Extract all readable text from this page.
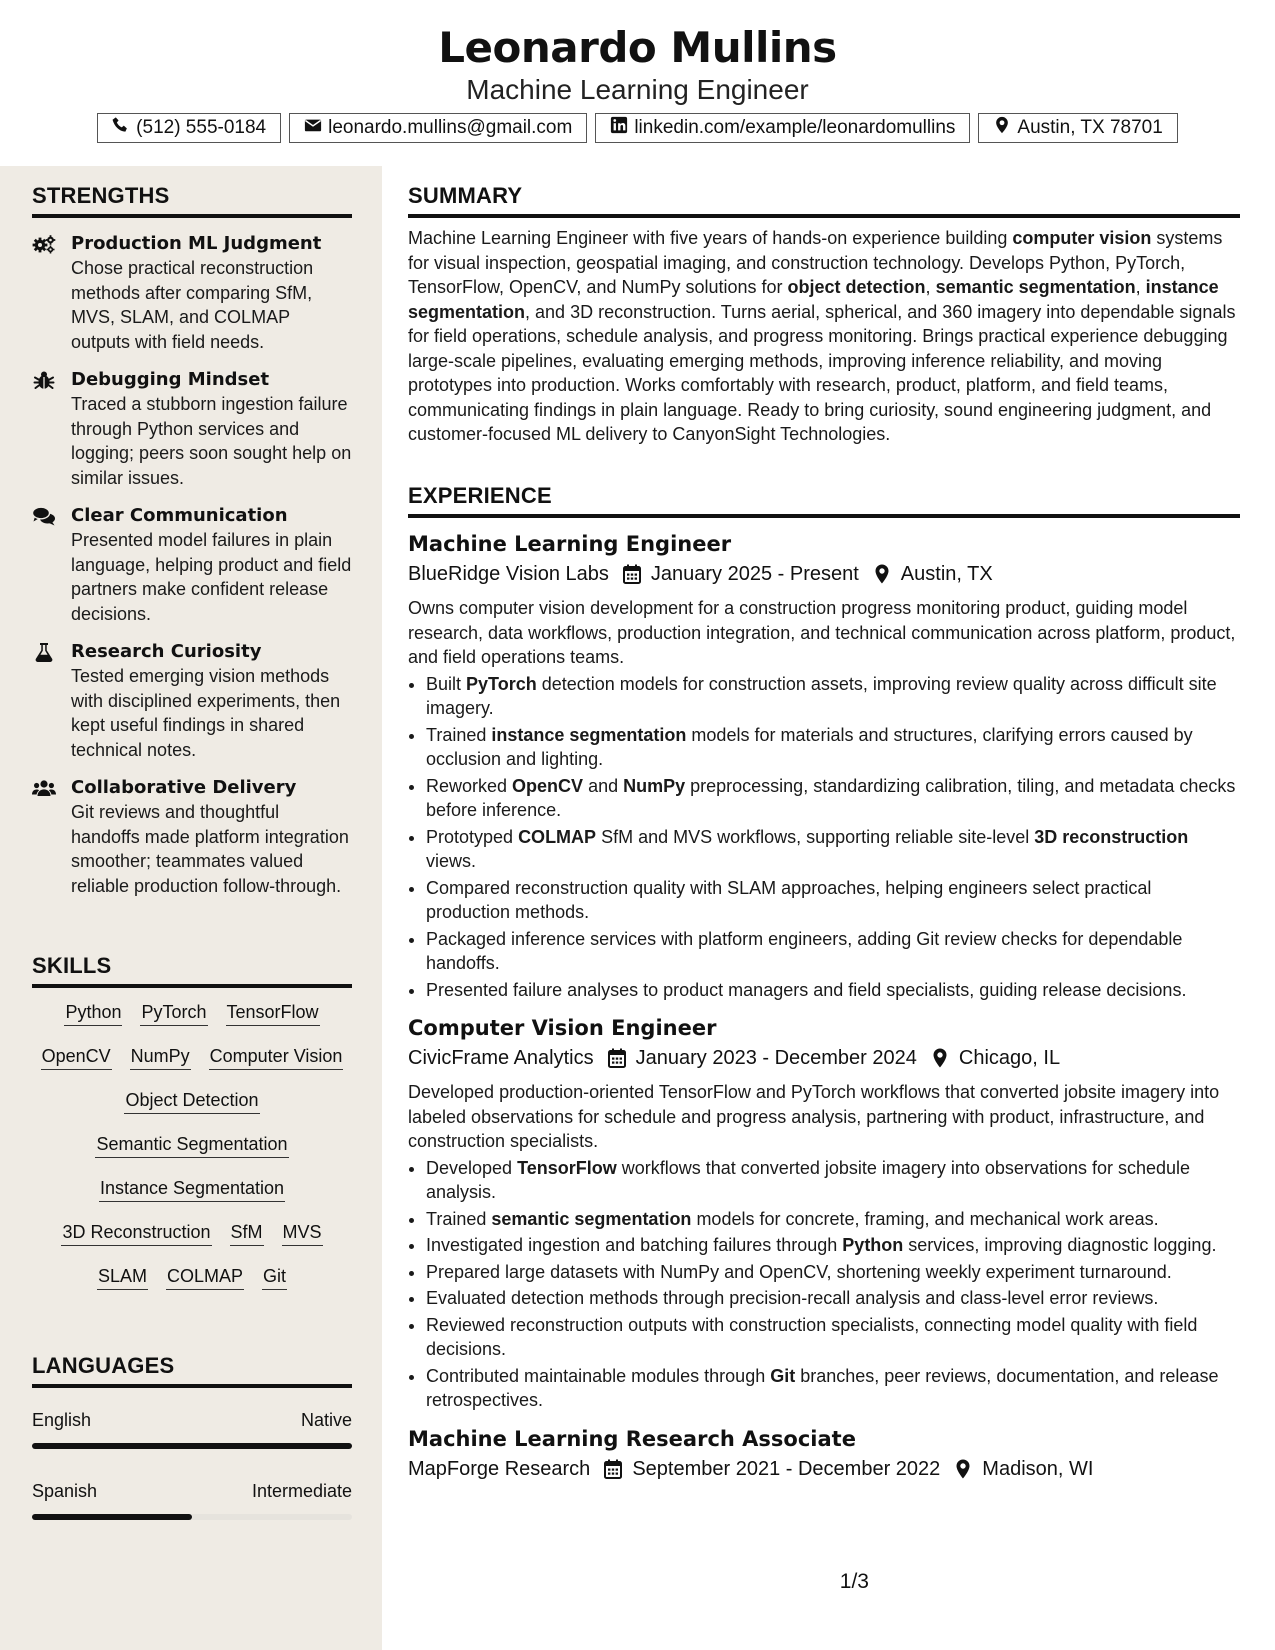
Leonardo Mullins
Machine Learning Engineer
(512) 555-0184	leonardo.mullins@gmail.com	linkedin.com/example/leonardomullins	Austin, TX 78701
STRENGTHS
Production ML Judgment
Chose practical reconstruction methods after comparing SfM, MVS, SLAM, and COLMAP outputs with field needs.
Debugging Mindset
Traced a stubborn ingestion failure through Python services and logging; peers soon sought help on similar issues.
Clear Communication
Presented model failures in plain language, helping product and field partners make confident release decisions.
Research Curiosity
Tested emerging vision methods with disciplined experiments, then kept useful findings in shared technical notes.
Collaborative Delivery
Git reviews and thoughtful handoffs made platform integration smoother; teammates valued reliable production follow-through.
SKILLS
Python PyTorch TensorFlow
OpenCV NumPy Computer Vision
Object Detection
Semantic Segmentation
Instance Segmentation
3D Reconstruction SfM MVS
SLAM COLMAP Git
LANGUAGES
English	Native
Spanish	Intermediate
SUMMARY
Machine Learning Engineer with five years of hands-on experience building computer vision systems for visual inspection, geospatial imaging, and construction technology. Develops Python, PyTorch, TensorFlow, OpenCV, and NumPy solutions for object detection, semantic segmentation, instance segmentation, and 3D reconstruction. Turns aerial, spherical, and 360 imagery into dependable signals for field operations, schedule analysis, and progress monitoring. Brings practical experience debugging large-scale pipelines, evaluating emerging methods, improving inference reliability, and moving prototypes into production. Works comfortably with research, product, platform, and field teams, communicating findings in plain language. Ready to bring curiosity, sound engineering judgment, and customer-focused ML delivery to CanyonSight Technologies.
EXPERIENCE
Machine Learning Engineer
BlueRidge Vision Labs January 2025 - Present Austin, TX
Owns computer vision development for a construction progress monitoring product, guiding model research, data workflows, production integration, and technical communication across platform, product, and field operations teams.
• Built PyTorch detection models for construction assets, improving review quality across difficult site imagery.
• Trained instance segmentation models for materials and structures, clarifying errors caused by occlusion and lighting.
• Reworked OpenCV and NumPy preprocessing, standardizing calibration, tiling, and metadata checks before inference.
• Prototyped COLMAP SfM and MVS workflows, supporting reliable site-level 3D reconstruction views.
• Compared reconstruction quality with SLAM approaches, helping engineers select practical production methods.
• Packaged inference services with platform engineers, adding Git review checks for dependable handoffs.
• Presented failure analyses to product managers and field specialists, guiding release decisions.
Computer Vision Engineer
CivicFrame Analytics January 2023 - December 2024 Chicago, IL
Developed production-oriented TensorFlow and PyTorch workflows that converted jobsite imagery into labeled observations for schedule and progress analysis, partnering with product, infrastructure, and construction specialists.
• Developed TensorFlow workflows that converted jobsite imagery into observations for schedule analysis.
• Trained semantic segmentation models for concrete, framing, and mechanical work areas.
• Investigated ingestion and batching failures through Python services, improving diagnostic logging.
• Prepared large datasets with NumPy and OpenCV, shortening weekly experiment turnaround.
• Evaluated detection methods through precision-recall analysis and class-level error reviews.
• Reviewed reconstruction outputs with construction specialists, connecting model quality with field decisions.
• Contributed maintainable modules through Git branches, peer reviews, documentation, and release retrospectives.
Machine Learning Research Associate
MapForge Research September 2021 - December 2022 Madison, WI
1/3
